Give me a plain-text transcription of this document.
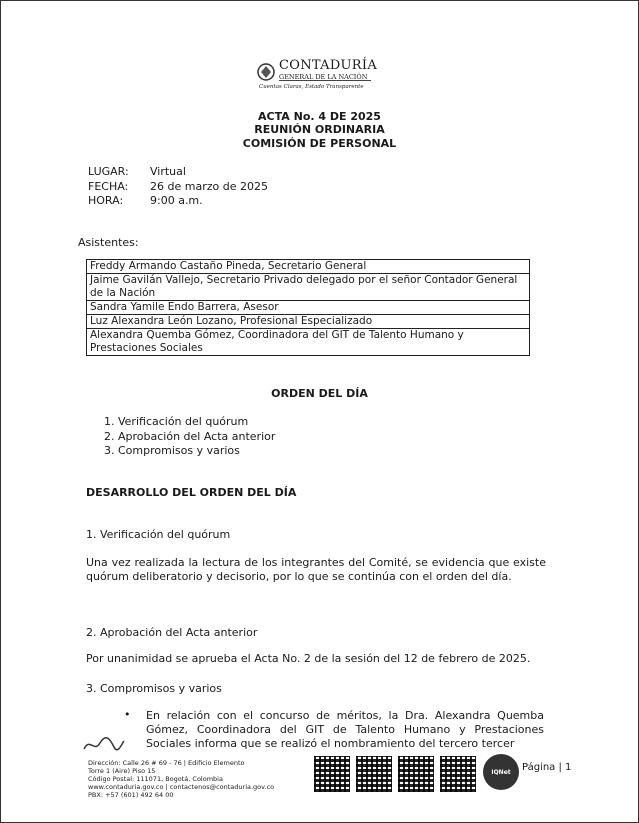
CONTADURÍA
GENERAL DE LA NACIÓN
Cuentas Claras, Estado Transparente
ACTA No. 4 DE 2025
REUNIÓN ORDINARIA
COMISIÓN DE PERSONAL
LUGAR: Virtual
FECHA: 26 de marzo de 2025
HORA: 9:00 a.m.
Asistentes:
Freddy Armando Castaño Pineda, Secretario General
Jaime Gavilán Vallejo, Secretario Privado delegado por el señor Contador General de la Nación
Sandra Yamile Endo Barrera, Asesor
Luz Alexandra León Lozano, Profesional Especializado
Alexandra Quemba Gómez, Coordinadora del GIT de Talento Humano y Prestaciones Sociales
ORDEN DEL DÍA
1. Verificación del quórum
2. Aprobación del Acta anterior
3. Compromisos y varios
DESARROLLO DEL ORDEN DEL DÍA
1. Verificación del quórum
Una vez realizada la lectura de los integrantes del Comité, se evidencia que existe quórum deliberatorio y decisorio, por lo que se continúa con el orden del día.
2. Aprobación del Acta anterior
Por unanimidad se aprueba el Acta No. 2 de la sesión del 12 de febrero de 2025.
3. Compromisos y varios
• En relación con el concurso de méritos, la Dra. Alexandra Quemba Gómez, Coordinadora del GIT de Talento Humano y Prestaciones Sociales informa que se realizó el nombramiento del tercero tercer
Dirección: Calle 26 # 69 - 76 | Edificio Elemento
Torre 1 (Aire) Piso 15
Código Postal: 111071, Bogotá, Colombia
www.contaduria.gov.co | contactenos@contaduria.gov.co
PBX: +57 (601) 492 64 00
IQNet	Página | 1
